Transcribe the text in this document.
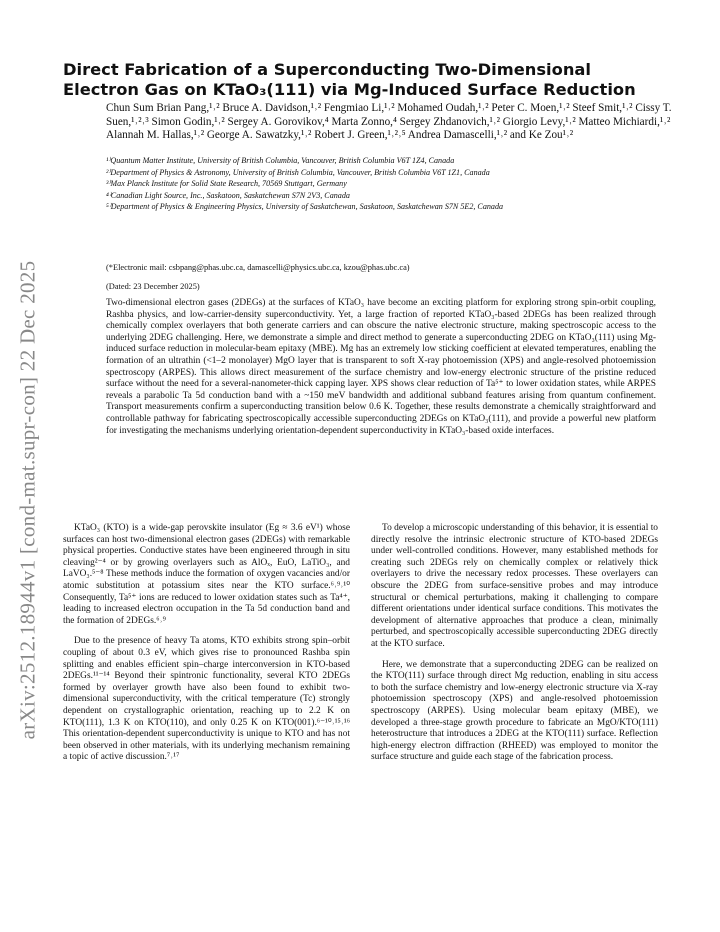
arXiv:2512.18944v1 [cond-mat.supr-con] 22 Dec 2025
Direct Fabrication of a Superconducting Two-Dimensional Electron Gas on KTaO₃(111) via Mg-Induced Surface Reduction
Chun Sum Brian Pang,¹˒² Bruce A. Davidson,¹˒² Fengmiao Li,¹˒² Mohamed Oudah,¹˒² Peter C. Moen,¹˒² Steef Smit,¹˒² Cissy T. Suen,¹˒²˒³ Simon Godin,¹˒² Sergey A. Gorovikov,⁴ Marta Zonno,⁴ Sergey Zhdanovich,¹˒² Giorgio Levy,¹˒² Matteo Michiardi,¹˒² Alannah M. Hallas,¹˒² George A. Sawatzky,¹˒² Robert J. Green,¹˒²˒⁵ Andrea Damascelli,¹˒² and Ke Zou¹˒²
¹⁾Quantum Matter Institute, University of British Columbia, Vancouver, British Columbia V6T 1Z4, Canada
²⁾Department of Physics & Astronomy, University of British Columbia, Vancouver, British Columbia V6T 1Z1, Canada
³⁾Max Planck Institute for Solid State Research, 70569 Stuttgart, Germany
⁴⁾Canadian Light Source, Inc., Saskatoon, Saskatchewan S7N 2V3, Canada
⁵⁾Department of Physics & Engineering Physics, University of Saskatchewan, Saskatoon, Saskatchewan S7N 5E2, Canada
(*Electronic mail: csbpang@phas.ubc.ca, damascelli@physics.ubc.ca, kzou@phas.ubc.ca)
(Dated: 23 December 2025)

Two-dimensional electron gases (2DEGs) at the surfaces of KTaO₃ have become an exciting platform for exploring strong spin-orbit coupling, Rashba physics, and low-carrier-density superconductivity. Yet, a large fraction of reported KTaO₃-based 2DEGs has been realized through chemically complex overlayers that both generate carriers and can obscure the native electronic structure, making spectroscopic access to the underlying 2DEG challenging. Here, we demonstrate a simple and direct method to generate a superconducting 2DEG on KTaO₃(111) using Mg-induced surface reduction in molecular-beam epitaxy (MBE). Mg has an extremely low sticking coefficient at elevated temperatures, enabling the formation of an ultrathin (<1–2 monolayer) MgO layer that is transparent to soft X-ray photoemission (XPS) and angle-resolved photoemission spectroscopy (ARPES). This allows direct measurement of the surface chemistry and low-energy electronic structure of the pristine reduced surface without the need for a several-nanometer-thick capping layer. XPS shows clear reduction of Ta⁵⁺ to lower oxidation states, while ARPES reveals a parabolic Ta 5d conduction band with a ~150 meV bandwidth and additional subband features arising from quantum confinement. Transport measurements confirm a superconducting transition below 0.6 K. Together, these results demonstrate a chemically straightforward and controllable pathway for fabricating spectroscopically accessible superconducting 2DEGs on KTaO₃(111), and provide a powerful new platform for investigating the mechanisms underlying orientation-dependent superconductivity in KTaO₃-based oxide interfaces.

KTaO₃ (KTO) is a wide-gap perovskite insulator (Eg ≈ 3.6 eV¹) whose surfaces can host two-dimensional electron gases (2DEGs) with remarkable physical properties. Conductive states have been engineered through in situ cleaving²⁻⁴ or by growing overlayers such as AlOₓ, EuO, LaTiO₃, and LaVO₃.⁵⁻⁸ These methods induce the formation of oxygen vacancies and/or atomic substitution at potassium sites near the KTO surface.⁶˒⁹˒¹⁰ Consequently, Ta⁵⁺ ions are reduced to lower oxidation states such as Ta⁴⁺, leading to increased electron occupation in the Ta 5d conduction band and the formation of 2DEGs.⁶˒⁹

Due to the presence of heavy Ta atoms, KTO exhibits strong spin–orbit coupling of about 0.3 eV, which gives rise to pronounced Rashba spin splitting and enables efficient spin–charge interconversion in KTO-based 2DEGs.¹¹⁻¹⁴ Beyond their spintronic functionality, several KTO 2DEGs formed by overlayer growth have also been found to exhibit two-dimensional superconductivity, with the critical temperature (Tc) strongly dependent on crystallographic orientation, reaching up to 2.2 K on KTO(111), 1.3 K on KTO(110), and only 0.25 K on KTO(001).⁶⁻¹⁰˒¹⁵˒¹⁶ This orientation-dependent superconductivity is unique to KTO and has not been observed in other materials, with its underlying mechanism remaining a topic of active discussion.⁷˒¹⁷

To develop a microscopic understanding of this behavior, it is essential to directly resolve the intrinsic electronic structure of KTO-based 2DEGs under well-controlled conditions. However, many established methods for creating such 2DEGs rely on chemically complex or relatively thick overlayers to drive the necessary redox processes. These overlayers can obscure the 2DEG from surface-sensitive probes and may introduce structural or chemical perturbations, making it challenging to compare different orientations under identical surface conditions. This motivates the development of alternative approaches that produce a clean, minimally perturbed, and spectroscopically accessible superconducting 2DEG directly at the KTO surface.

Here, we demonstrate that a superconducting 2DEG can be realized on the KTO(111) surface through direct Mg reduction, enabling in situ access to both the surface chemistry and low-energy electronic structure via X-ray photoemission spectroscopy (XPS) and angle-resolved photoemission spectroscopy (ARPES). Using molecular beam epitaxy (MBE), we developed a three-stage growth procedure to fabricate an MgO/KTO(111) heterostructure that introduces a 2DEG at the KTO(111) surface. Reflection high-energy electron diffraction (RHEED) was employed to monitor the surface structure and guide each stage of the fabrication process.
